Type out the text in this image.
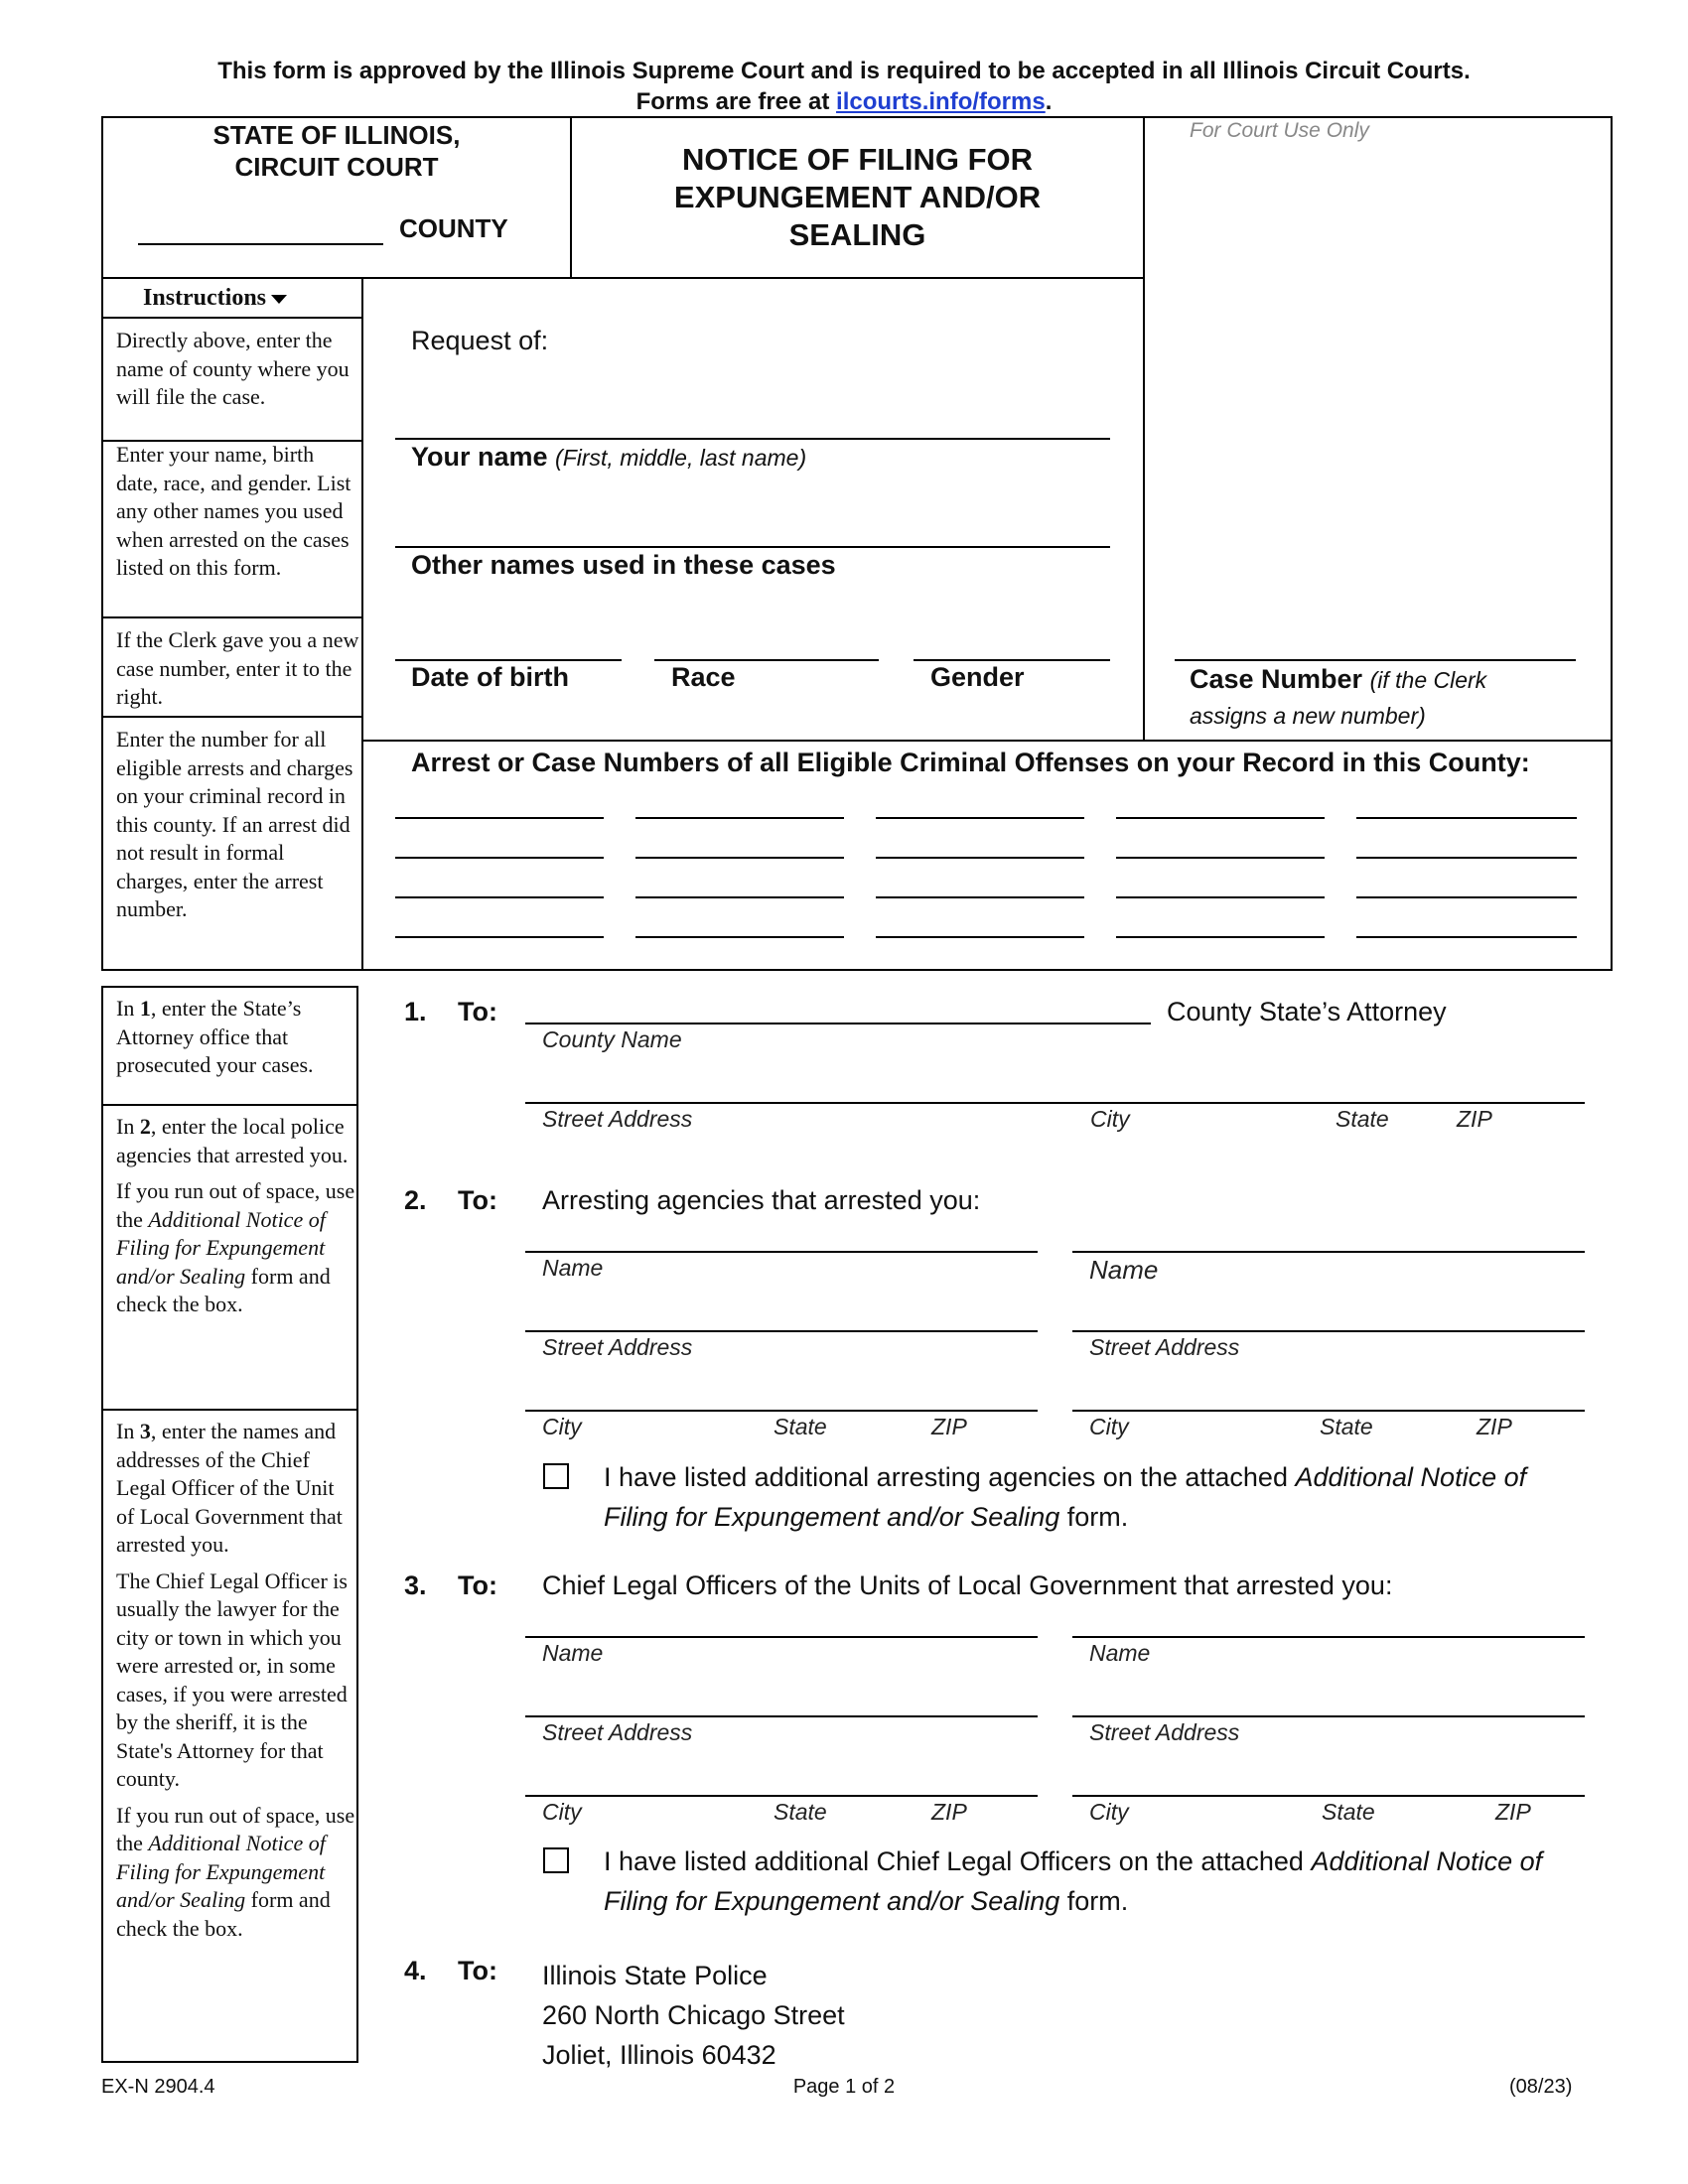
This form is approved by the Illinois Supreme Court and is required to be accepted in all Illinois Circuit Courts.
Forms are free at ilcourts.info/forms.
STATE OF ILLINOIS,
CIRCUIT COURT
COUNTY
NOTICE OF FILING FOR
EXPUNGEMENT AND/OR
SEALING
For Court Use Only
Instructions
Directly above, enter the name of county where you will file the case.
Enter your name, birth date, race, and gender. List any other names you used when arrested on the cases listed on this form.
If the Clerk gave you a new case number, enter it to the right.
Enter the number for all eligible arrests and charges on your criminal record in this county. If an arrest did not result in formal charges, enter the arrest number.
Request of:
Your name (First, middle, last name)
Other names used in these cases
Date of birth	Race	Gender	Case Number (if the Clerk
assigns a new number)
Arrest or Case Numbers of all Eligible Criminal Offenses on your Record in this County:
In 1, enter the State’s Attorney office that prosecuted your cases.

In 2, enter the local police agencies that arrested you.

If you run out of space, use the Additional Notice of Filing for Expungement and/or Sealing form and check the box.

In 3, enter the names and addresses of the Chief Legal Officer of the Unit of Local Government that arrested you.

The Chief Legal Officer is usually the lawyer for the city or town in which you were arrested or, in some cases, if you were arrested by the sheriff, it is the State's Attorney for that county.

If you run out of space, use the Additional Notice of Filing for Expungement and/or Sealing form and check the box.

1. To:	County State’s Attorney
County Name
Street Address	City	State	ZIP
2. To: Arresting agencies that arrested you:
Name	Name
Street Address	Street Address
City	State	ZIP	City	State	ZIP
I have listed additional arresting agencies on the attached Additional Notice of
Filing for Expungement and/or Sealing form.
3. To: Chief Legal Officers of the Units of Local Government that arrested you:
Name	Name
Street Address	Street Address
City	State	ZIP	City	State	ZIP
I have listed additional Chief Legal Officers on the attached Additional Notice of
Filing for Expungement and/or Sealing form.
4. To: Illinois State Police
260 North Chicago Street
Joliet, Illinois 60432
EX-N 2904.4	Page 1 of 2	(08/23)
